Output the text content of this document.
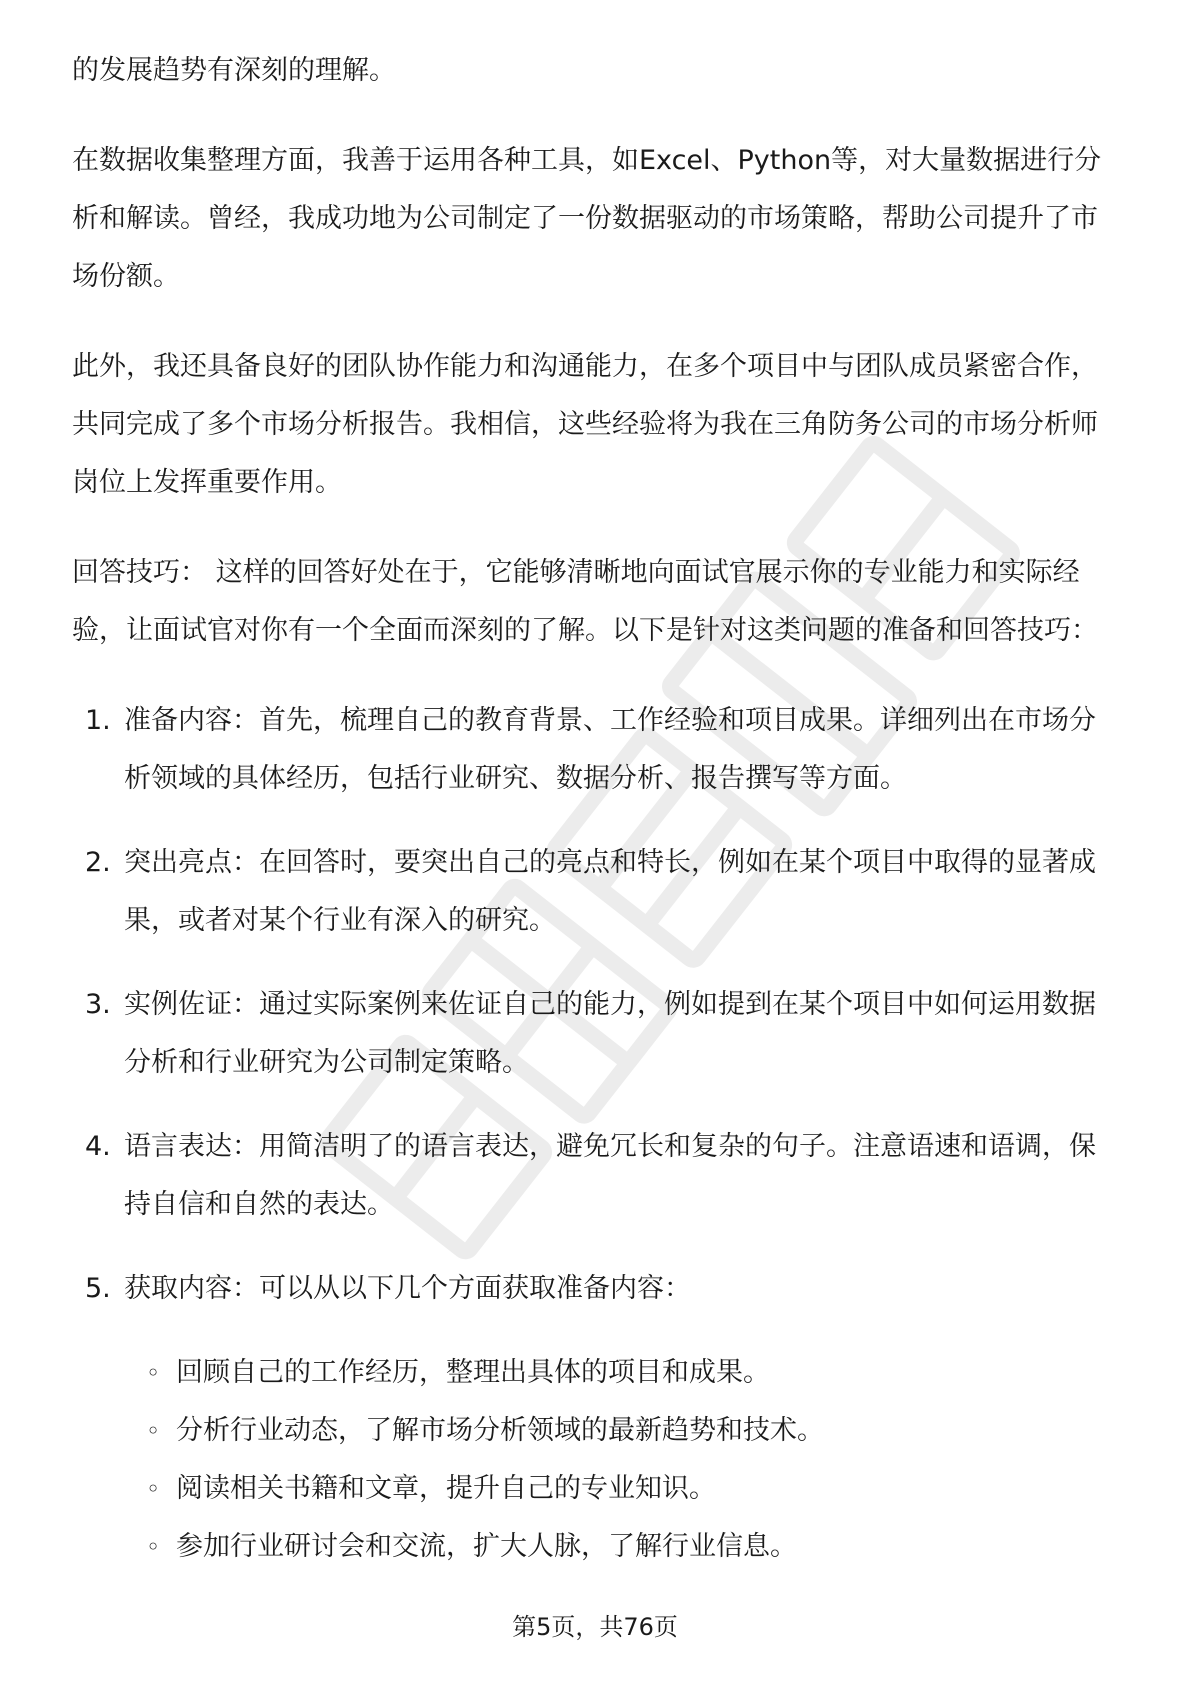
的发展趋势有深刻的理解。

在数据收集整理方面，我善于运用各种工具，如Excel、Python等，对大量数据进行分析和解读。曾经，我成功地为公司制定了一份数据驱动的市场策略，帮助公司提升了市场份额。

此外，我还具备良好的团队协作能力和沟通能力，在多个项目中与团队成员紧密合作，共同完成了多个市场分析报告。我相信，这些经验将为我在三角防务公司的市场分析师岗位上发挥重要作用。

回答技巧： 这样的回答好处在于，它能够清晰地向面试官展示你的专业能力和实际经验，让面试官对你有一个全面而深刻的了解。以下是针对这类问题的准备和回答技巧：

1. 准备内容：首先，梳理自己的教育背景、工作经验和项目成果。详细列出在市场分析领域的具体经历，包括行业研究、数据分析、报告撰写等方面。
2. 突出亮点：在回答时，要突出自己的亮点和特长，例如在某个项目中取得的显著成果，或者对某个行业有深入的研究。
3. 实例佐证：通过实际案例来佐证自己的能力，例如提到在某个项目中如何运用数据分析和行业研究为公司制定策略。
4. 语言表达：用简洁明了的语言表达，避免冗长和复杂的句子。注意语速和语调，保持自信和自然的表达。
5. 获取内容：可以从以下几个方面获取准备内容：
◦ 回顾自己的工作经历，整理出具体的项目和成果。
◦ 分析行业动态，了解市场分析领域的最新趋势和技术。
◦ 阅读相关书籍和文章，提升自己的专业知识。
◦ 参加行业研讨会和交流，扩大人脉，了解行业信息。
第5页，共76页
